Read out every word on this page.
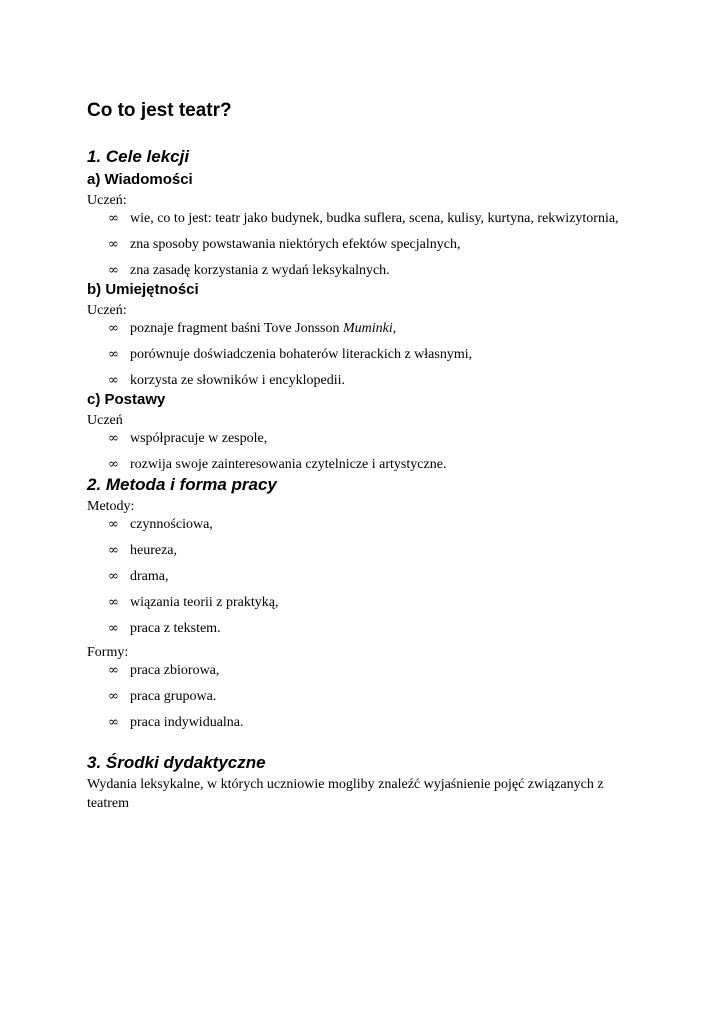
Co to jest teatr?
1. Cele lekcji
a) Wiadomości

Uczeń:

∞ wie, co to jest: teatr jako budynek, budka suflera, scena, kulisy, kurtyna, rekwizytornia,
∞ zna sposoby powstawania niektórych efektów specjalnych,
∞ zna zasadę korzystania z wydań leksykalnych.
b) Umiejętności

Uczeń:

∞ poznaje fragment baśni Tove Jonsson Muminki,
∞ porównuje doświadczenia bohaterów literackich z własnymi,
∞ korzysta ze słowników i encyklopedii.
c) Postawy

Uczeń

∞ współpracuje w zespole,
∞ rozwija swoje zainteresowania czytelnicze i artystyczne.
2. Metoda i forma pracy

Metody:

∞ czynnościowa,
∞ heureza,
∞ drama,
∞ wiązania teorii z praktyką,
∞ praca z tekstem.

Formy:

∞ praca zbiorowa,
∞ praca grupowa.
∞ praca indywidualna.
3. Środki dydaktyczne

Wydania leksykalne, w których uczniowie mogliby znaleźć wyjaśnienie pojęć związanych z teatrem
